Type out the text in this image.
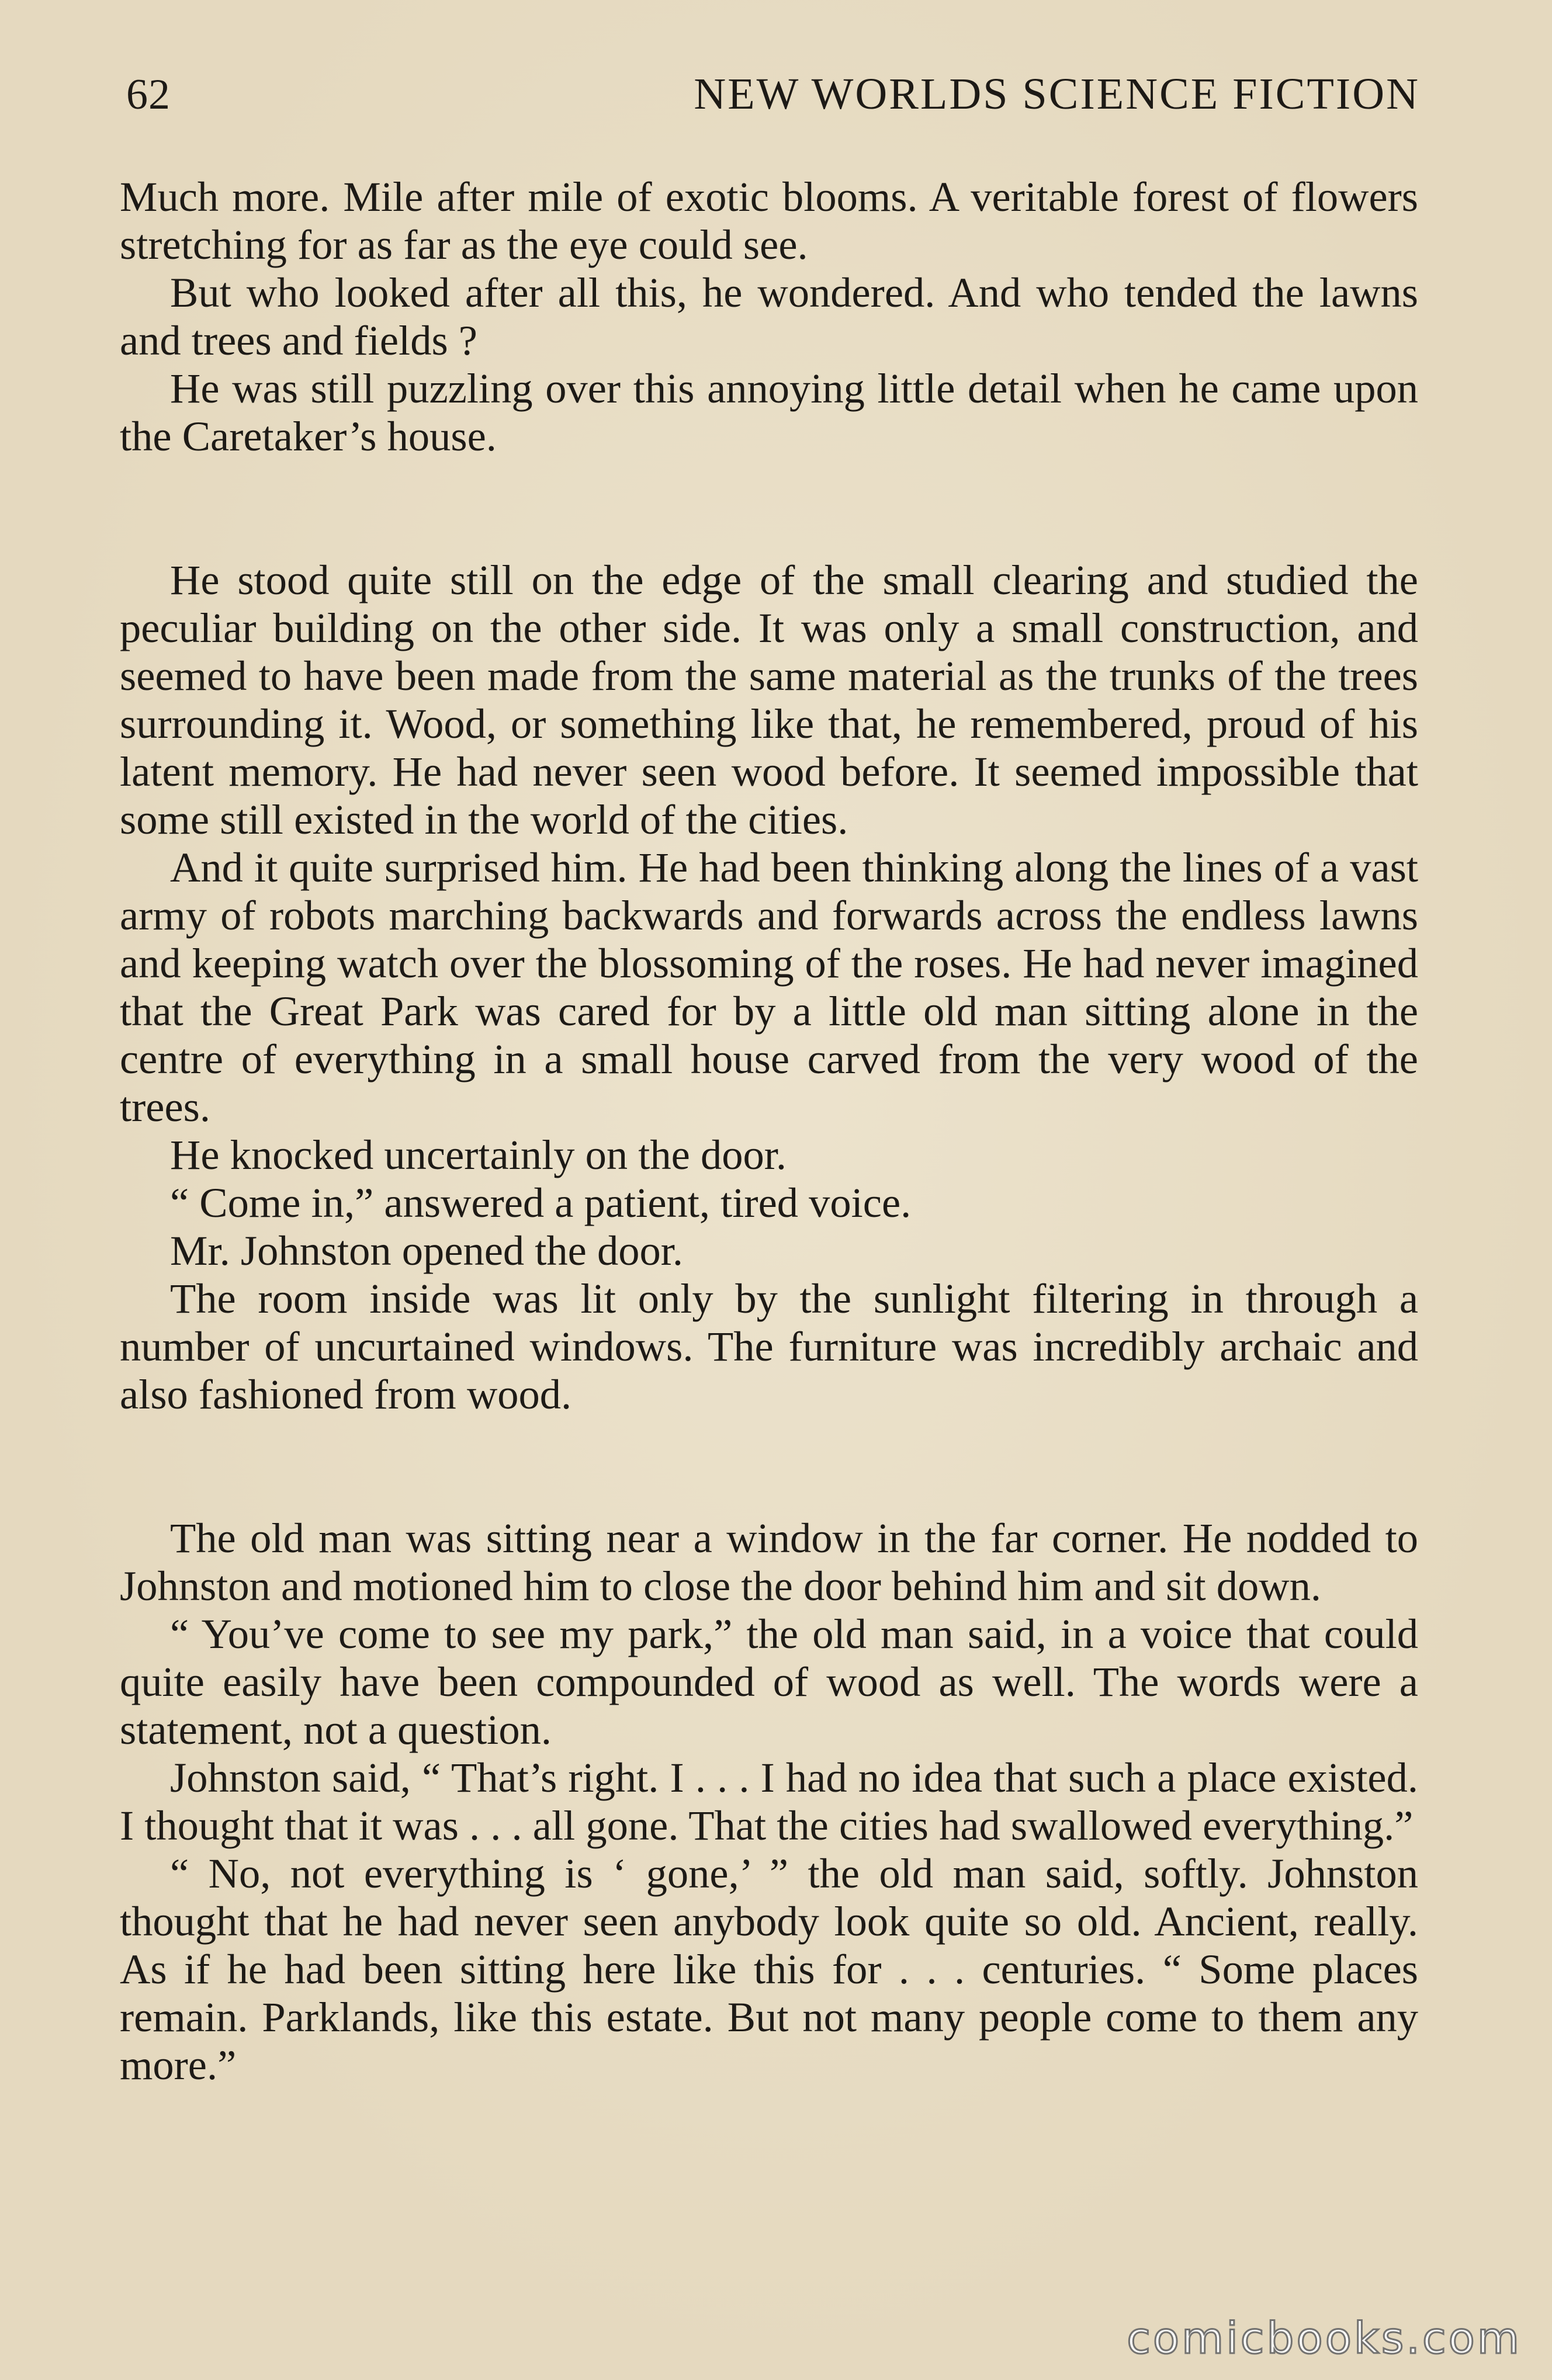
62	NEW WORLDS SCIENCE FICTION

Much more. Mile after mile of exotic blooms. A veritable forest of flowers stretching for as far as the eye could see.

But who looked after all this, he wondered. And who tended the lawns and trees and fields ?

He was still puzzling over this annoying little detail when he came upon the Caretaker’s house.

He stood quite still on the edge of the small clearing and studied the peculiar building on the other side. It was only a small construction, and seemed to have been made from the same material as the trunks of the trees surrounding it. Wood, or something like that, he remembered, proud of his latent memory. He had never seen wood before. It seemed impossible that some still existed in the world of the cities.

And it quite surprised him. He had been thinking along the lines of a vast army of robots marching backwards and forwards across the endless lawns and keeping watch over the blossoming of the roses. He had never imagined that the Great Park was cared for by a little old man sitting alone in the centre of everything in a small house carved from the very wood of the trees.

He knocked uncertainly on the door.

“ Come in,” answered a patient, tired voice.

Mr. Johnston opened the door.

The room inside was lit only by the sunlight filtering in through a number of uncurtained windows. The furniture was incredibly archaic and also fashioned from wood.

The old man was sitting near a window in the far corner. He nodded to Johnston and motioned him to close the door behind him and sit down.

“ You’ve come to see my park,” the old man said, in a voice that could quite easily have been compounded of wood as well. The words were a statement, not a question.

Johnston said, “ That’s right. I . . . I had no idea that such a place existed. I thought that it was . . . all gone. That the cities had swallowed everything.”

“ No, not everything is ‘ gone,’ ” the old man said, softly. Johnston thought that he had never seen anybody look quite so old. Ancient, really. As if he had been sitting here like this for . . . centuries. “ Some places remain. Parklands, like this estate. But not many people come to them any more.”

comicbooks.com
